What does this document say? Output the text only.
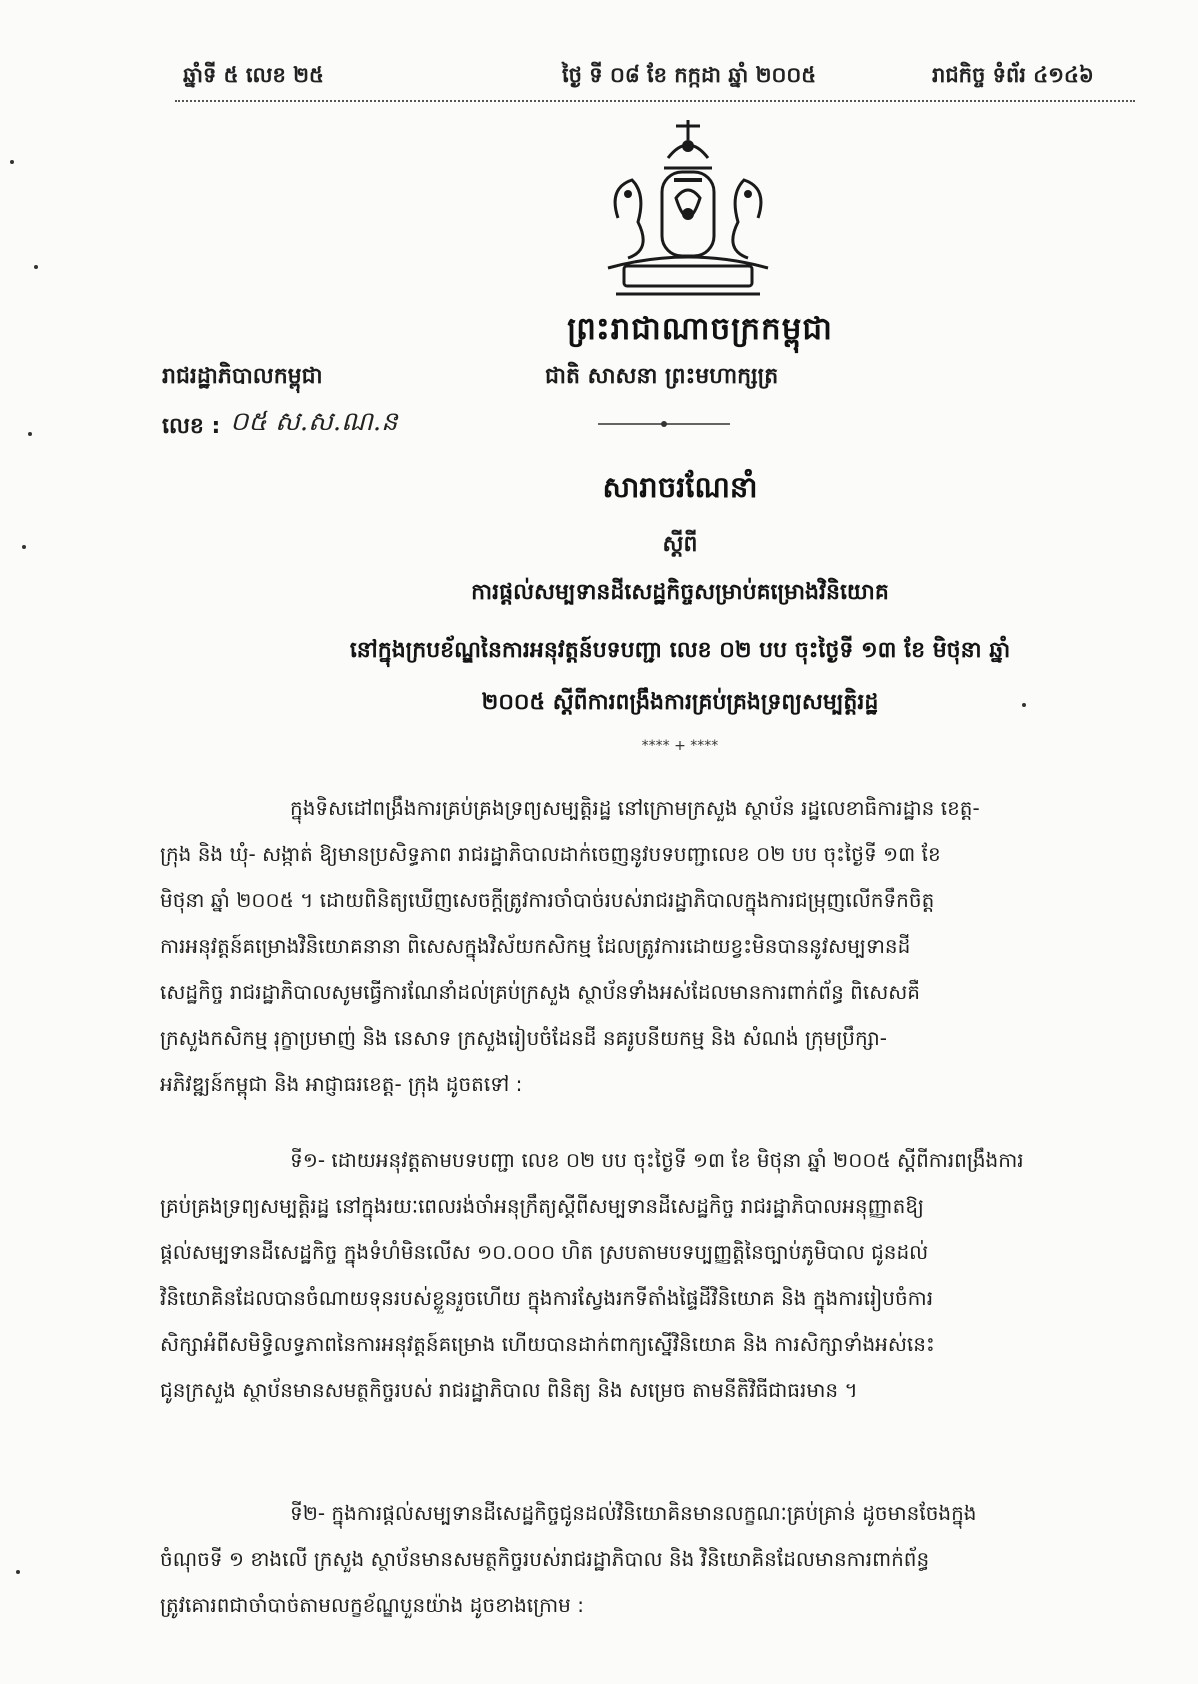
ឆ្នាំទី ៥ លេខ ២៥	ថ្ងៃ ទី ០៨ ខែ កក្កដា ឆ្នាំ ២០០៥	រាជកិច្ច ទំព័រ ៤១៤៦
ព្រះរាជាណាចក្រកម្ពុជា
ជាតិ សាសនា ព្រះមហាក្សត្រ
រាជរដ្ឋាភិបាលកម្ពុជា
លេខ : ០៥ ស.ស.ណ.ន
សារាចរណែនាំ
ស្តីពី
ការផ្តល់សម្បទានដីសេដ្ឋកិច្ចសម្រាប់គម្រោងវិនិយោគ
នៅក្នុងក្របខ័ណ្ឌនៃការអនុវត្តន៍បទបញ្ជា លេខ ០២ បប ចុះថ្ងៃទី ១៣ ខែ មិថុនា ឆ្នាំ
២០០៥ ស្តីពីការពង្រឹងការគ្រប់គ្រងទ្រព្យសម្បត្តិរដ្ឋ
**** + ****
ក្នុងទិសដៅពង្រឹងការគ្រប់គ្រងទ្រព្យសម្បត្តិរដ្ឋ នៅក្រោមក្រសួង ស្ថាប័ន រដ្ឋលេខាធិការដ្ឋាន ខេត្ត-
ក្រុង និង ឃុំ- សង្កាត់ ឱ្យមានប្រសិទ្ធភាព រាជរដ្ឋាភិបាលដាក់ចេញនូវបទបញ្ជាលេខ ០២ បប ចុះថ្ងៃទី ១៣ ខែ
មិថុនា ឆ្នាំ ២០០៥ ។ ដោយពិនិត្យឃើញសេចក្តីត្រូវការចាំបាច់របស់រាជរដ្ឋាភិបាលក្នុងការជម្រុញលើកទឹកចិត្ត
ការអនុវត្តន៍គម្រោងវិនិយោគនានា ពិសេសក្នុងវិស័យកសិកម្ម ដែលត្រូវការដោយខ្វះមិនបាននូវសម្បទានដី
សេដ្ឋកិច្ច រាជរដ្ឋាភិបាលសូមធ្វើការណែនាំដល់គ្រប់ក្រសួង ស្ថាប័នទាំងអស់ដែលមានការពាក់ព័ន្ធ ពិសេសគឺ
ក្រសួងកសិកម្ម រុក្ខាប្រមាញ់ និង នេសាទ ក្រសួងរៀបចំដែនដី នគរូបនីយកម្ម និង សំណង់ ក្រុមប្រឹក្សា-
អភិវឌ្ឍន៍កម្ពុជា និង អាជ្ញាធរខេត្ត- ក្រុង ដូចតទៅ :
ទី១- ដោយអនុវត្តតាមបទបញ្ជា លេខ ០២ បប ចុះថ្ងៃទី ១៣ ខែ មិថុនា ឆ្នាំ ២០០៥ ស្តីពីការពង្រឹងការ
គ្រប់គ្រងទ្រព្យសម្បត្តិរដ្ឋ នៅក្នុងរយៈពេលរង់ចាំអនុក្រឹត្យស្តីពីសម្បទានដីសេដ្ឋកិច្ច រាជរដ្ឋាភិបាលអនុញ្ញាតឱ្យ
ផ្តល់សម្បទានដីសេដ្ឋកិច្ច ក្នុងទំហំមិនលើស ១០.០០០ ហិត ស្របតាមបទប្បញ្ញត្តិនៃច្បាប់ភូមិបាល ជូនដល់
វិនិយោគិនដែលបានចំណាយទុនរបស់ខ្លួនរួចហើយ ក្នុងការស្វែងរកទីតាំងផ្ទៃដីវិនិយោគ និង ក្នុងការរៀបចំការ
សិក្សាអំពីសមិទ្ធិលទ្ធភាពនៃការអនុវត្តន៍គម្រោង ហើយបានដាក់ពាក្យស្នើវិនិយោគ និង ការសិក្សាទាំងអស់នេះ
ជូនក្រសួង ស្ថាប័នមានសមត្ថកិច្ចរបស់ រាជរដ្ឋាភិបាល ពិនិត្យ និង សម្រេច តាមនីតិវិធីជាធរមាន ។
ទី២- ក្នុងការផ្តល់សម្បទានដីសេដ្ឋកិច្ចជូនដល់វិនិយោគិនមានលក្ខណៈគ្រប់គ្រាន់ ដូចមានចែងក្នុង
ចំណុចទី ១ ខាងលើ ក្រសួង ស្ថាប័នមានសមត្ថកិច្ចរបស់រាជរដ្ឋាភិបាល និង វិនិយោគិនដែលមានការពាក់ព័ន្ធ
ត្រូវគោរពជាចាំបាច់តាមលក្ខខ័ណ្ឌបួនយ៉ាង ដូចខាងក្រោម :
